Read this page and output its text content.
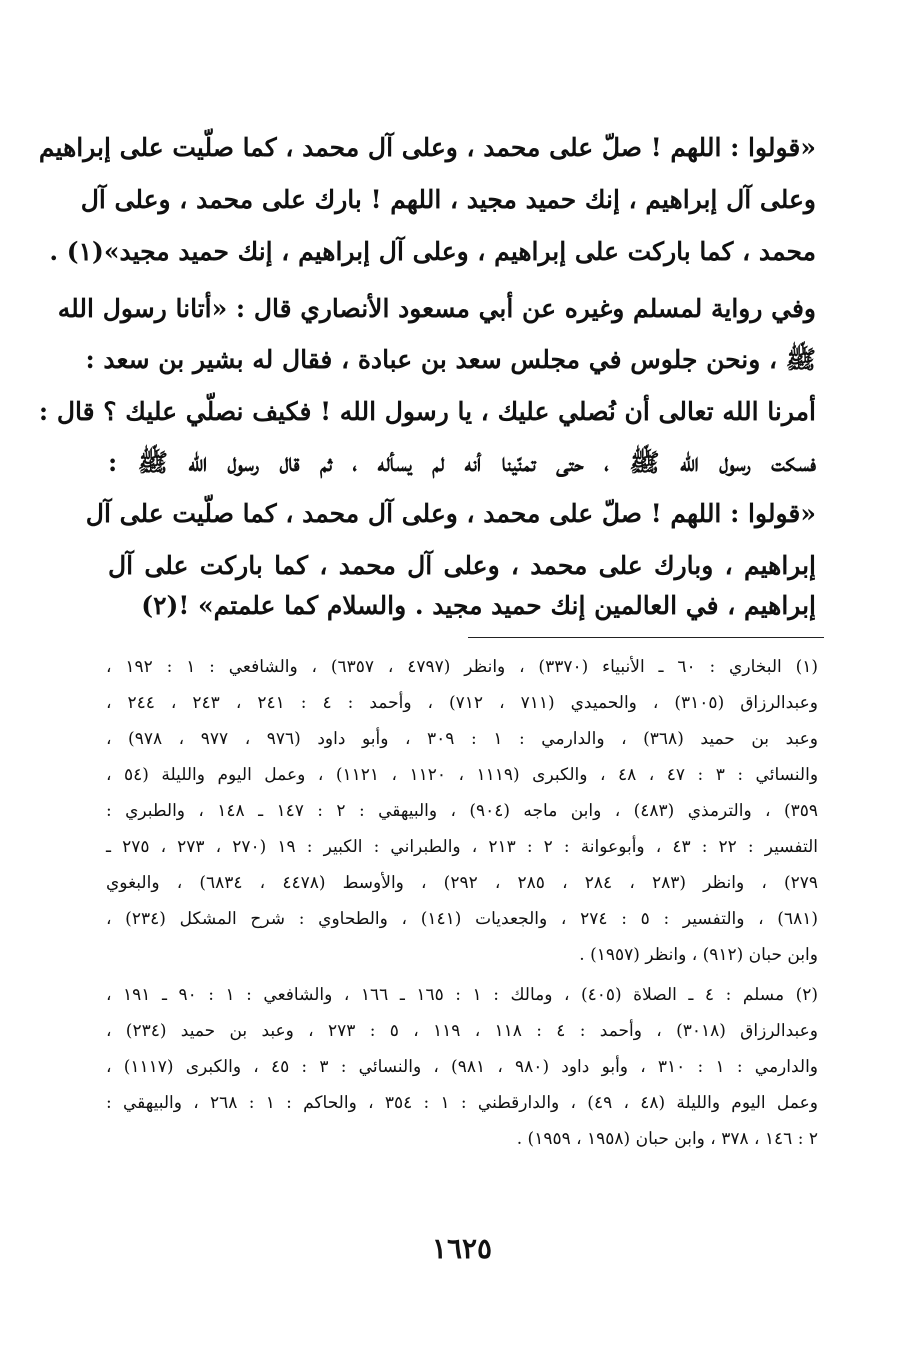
«قولوا : اللهم ! صلّ على محمد ، وعلى آل محمد ، كما صلّيت على إبراهيم
وعلى آل إبراهيم ، إنك حميد مجيد ، اللهم ! بارك على محمد ، وعلى آل
محمد ، كما باركت على إبراهيم ، وعلى آل إبراهيم ، إنك حميد مجيد»(١) .
وفي رواية لمسلم وغيره عن أبي مسعود الأنصاري قال : «أتانا رسول الله
ﷺ ، ونحن جلوس في مجلس سعد بن عبادة ، فقال له بشير بن سعد :
أمرنا الله تعالى أن نُصلي عليك ، يا رسول الله ! فكيف نصلّي عليك ؟ قال :
فسكت رسول الله ﷺ ، حتى تمنّينا أنه لم يسأله ، ثم قال رسول الله ﷺ :
«قولوا : اللهم ! صلّ على محمد ، وعلى آل محمد ، كما صلّيت على آل
إبراهيم ، وبارك على محمد ، وعلى آل محمد ، كما باركت على آل
إبراهيم ، في العالمين إنك حميد مجيد . والسلام كما علمتم» !(٢)
(١) البخاري : ٦٠ ـ الأنبياء (٣٣٧٠) ، وانظر (٤٧٩٧ ، ٦٣٥٧) ، والشافعي : ١ : ١٩٢ ،
وعبدالرزاق (٣١٠٥) ، والحميدي (٧١١ ، ٧١٢) ، وأحمد : ٤ : ٢٤١ ، ٢٤٣ ، ٢٤٤ ،
وعبد بن حميد (٣٦٨) ، والدارمي : ١ : ٣٠٩ ، وأبو داود (٩٧٦ ، ٩٧٧ ، ٩٧٨) ،
والنسائي : ٣ : ٤٧ ، ٤٨ ، والكبرى (١١١٩ ، ١١٢٠ ، ١١٢١) ، وعمل اليوم والليلة (٥٤ ،
٣٥٩) ، والترمذي (٤٨٣) ، وابن ماجه (٩٠٤) ، والبيهقي : ٢ : ١٤٧ ـ ١٤٨ ، والطبري :
التفسير : ٢٢ : ٤٣ ، وأبوعوانة : ٢ : ٢١٣ ، والطبراني : الكبير : ١٩ (٢٧٠ ، ٢٧٣ ، ٢٧٥ ـ
٢٧٩) ، وانظر (٢٨٣ ، ٢٨٤ ، ٢٨٥ ، ٢٩٢) ، والأوسط (٤٤٧٨ ، ٦٨٣٤) ، والبغوي
(٦٨١) ، والتفسير : ٥ : ٢٧٤ ، والجعديات (١٤١) ، والطحاوي : شرح المشكل (٢٣٤) ،
وابن حبان (٩١٢) ، وانظر (١٩٥٧) .
(٢) مسلم : ٤ ـ الصلاة (٤٠٥) ، ومالك : ١ : ١٦٥ ـ ١٦٦ ، والشافعي : ١ : ٩٠ ـ ١٩١ ،
وعبدالرزاق (٣٠١٨) ، وأحمد : ٤ : ١١٨ ، ١١٩ ، ٥ : ٢٧٣ ، وعبد بن حميد (٢٣٤) ،
والدارمي : ١ : ٣١٠ ، وأبو داود (٩٨٠ ، ٩٨١) ، والنسائي : ٣ : ٤٥ ، والكبرى (١١١٧) ،
وعمل اليوم والليلة (٤٨ ، ٤٩) ، والدارقطني : ١ : ٣٥٤ ، والحاكم : ١ : ٢٦٨ ، والبيهقي :
٢ : ١٤٦ ، ٣٧٨ ، وابن حبان (١٩٥٨ ، ١٩٥٩) .
١٦٢٥
